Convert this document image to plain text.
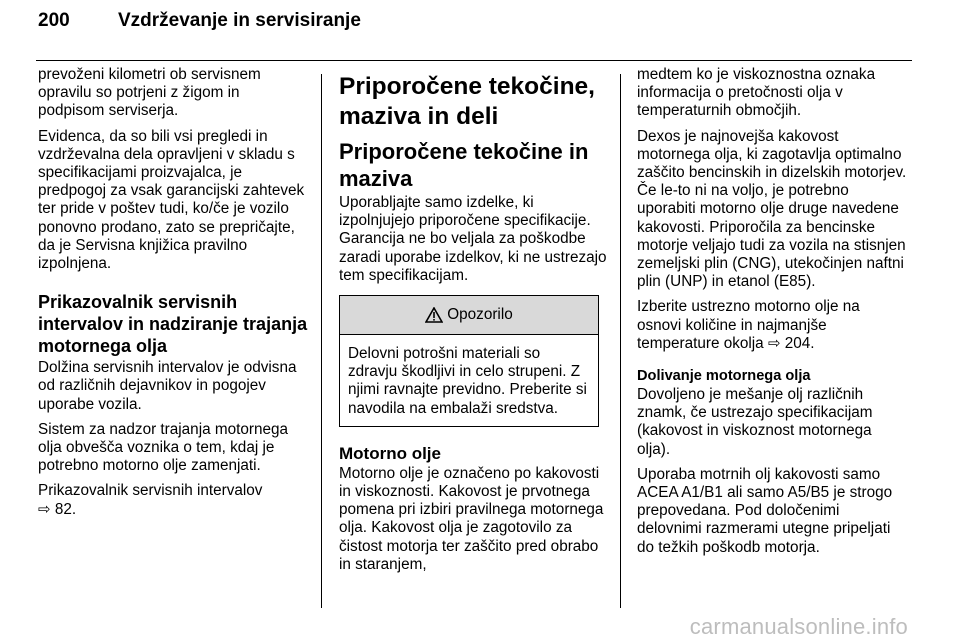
200	Vzdrževanje in servisiranje

prevoženi kilometri ob servisnem opravilu so potrjeni z žigom in podpisom serviserja.

Evidenca, da so bili vsi pregledi in vzdrževalna dela opravljeni v skladu s specifikacijami proizvajalca, je predpogoj za vsak garancijski zahtevek ter pride v poštev tudi, ko/če je vozilo ponovno prodano, zato se prepričajte, da je Servisna knjižica pravilno izpolnjena.

Prikazovalnik servisnih intervalov in nadziranje trajanja motornega olja

Dolžina servisnih intervalov je odvisna od različnih dejavnikov in pogojev uporabe vozila.

Sistem za nadzor trajanja motornega olja obvešča voznika o tem, kdaj je potrebno motorno olje zamenjati.

Prikazovalnik servisnih intervalov
⇨ 82.

Priporočene tekočine, maziva in deli
Priporočene tekočine in maziva

Uporabljajte samo izdelke, ki izpolnjujejo priporočene specifikacije. Garancija ne bo veljala za poškodbe zaradi uporabe izdelkov, ki ne ustrezajo tem specifikacijam.

Opozorilo
Delovni potrošni materiali so zdravju škodljivi in celo strupeni. Z njimi ravnajte previdno. Preberite si navodila na embalaži sredstva.
Motorno olje

Motorno olje je označeno po kakovosti in viskoznosti. Kakovost je prvotnega pomena pri izbiri pravilnega motornega olja. Kakovost olja je zagotovilo za čistost motorja ter zaščito pred obrabo in staranjem,

medtem ko je viskoznostna oznaka informacija o pretočnosti olja v temperaturnih območjih.

Dexos je najnovejša kakovost motornega olja, ki zagotavlja optimalno zaščito bencinskih in dizelskih motorjev. Če le-to ni na voljo, je potrebno uporabiti motorno olje druge navedene kakovosti. Priporočila za bencinske motorje veljajo tudi za vozila na stisnjen zemeljski plin (CNG), utekočinjen naftni plin (UNP) in etanol (E85).

Izberite ustrezno motorno olje na osnovi količine in najmanjše temperature okolja ⇨ 204.

Dolivanje motornega olja

Dovoljeno je mešanje olj različnih znamk, če ustrezajo specifikacijam (kakovost in viskoznost motornega olja).

Uporaba motrnih olj kakovosti samo ACEA A1/B1 ali samo A5/B5 je strogo prepovedana. Pod določenimi delovnimi razmerami utegne pripeljati do težkih poškodb motorja.

carmanualsonline.info
